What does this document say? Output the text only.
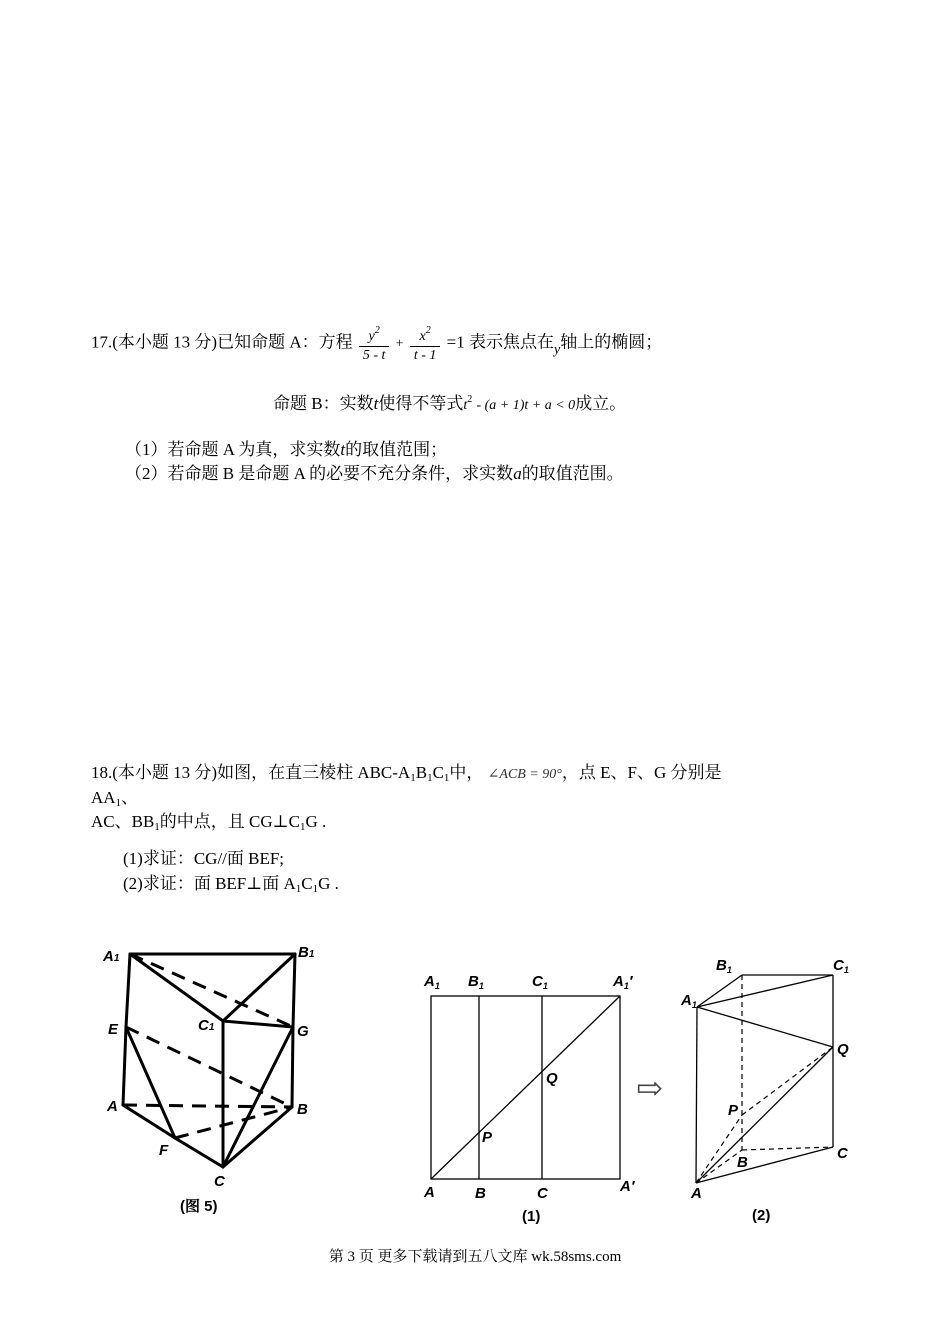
17.(本小题 13 分)已知命题 A：方程 $\frac{y^2}{5 - t} + \frac{x^2}{t - 1} =1$ 表示焦点在$_y$轴上的椭圆；
命题 B：实数t使得不等式$t^2 - (a + 1)t + a < 0$成立。
（1）若命题 A 为真，求实数t的取值范围；
（2）若命题 B 是命题 A 的必要不充分条件，求实数a的取值范围。
18.(本小题 13 分)如图，在直三棱柱 ABC-$A_1B_1C_1$中， ∠ACB = 90°，点 E、F、G 分别是
$AA_1$、
AC、$BB_1$的中点，且 $CG\perp C_1G$ .
(1)求证：CG//面 BEF;
(2)求证：面 BEF⊥面 $A_1C_1G$ .
A1	B1
C1
E	G
A	B
F
C
(图 5)
$A_1$ $B_1$	$C_1$	$A_1'$
Q
P
A	B	C	A′
(1)
⇨
$B_1$	$C_1$
$A_1$
Q
P
B
C
A
(2)
第 3 页 更多下载请到五八文库 wk.58sms.com
